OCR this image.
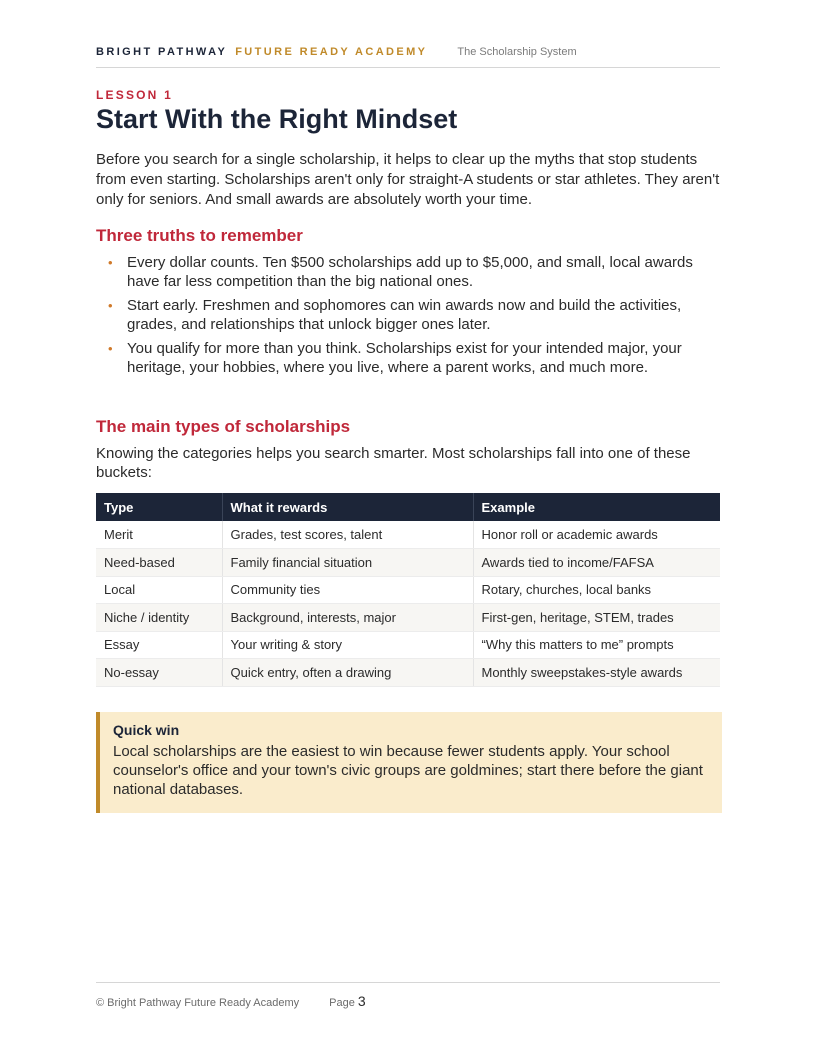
BRIGHT PATHWAY FUTURE READY ACADEMY	The Scholarship System
LESSON 1
Start With the Right Mindset

Before you search for a single scholarship, it helps to clear up the myths that stop students from even starting. Scholarships aren't only for straight-A students or star athletes. They aren't only for seniors. And small awards are absolutely worth your time.

Three truths to remember
• Every dollar counts. Ten $500 scholarships add up to $5,000, and small, local awards have far less competition than the big national ones.
• Start early. Freshmen and sophomores can win awards now and build the activities, grades, and relationships that unlock bigger ones later.
• You qualify for more than you think. Scholarships exist for your intended major, your heritage, your hobbies, where you live, where a parent works, and much more.
The main types of scholarships

Knowing the categories helps you search smarter. Most scholarships fall into one of these buckets:

Type	What it rewards	Example
Merit	Grades, test scores, talent	Honor roll or academic awards
Need-based	Family financial situation	Awards tied to income/FAFSA
Local	Community ties	Rotary, churches, local banks
Niche / identity	Background, interests, major	First-gen, heritage, STEM, trades
Essay	Your writing & story	“Why this matters to me” prompts
No-essay	Quick entry, often a drawing	Monthly sweepstakes-style awards
Quick win
Local scholarships are the easiest to win because fewer students apply. Your school counselor's office and your town's civic groups are goldmines; start there before the giant national databases.
© Bright Pathway Future Ready Academy	Page 3
